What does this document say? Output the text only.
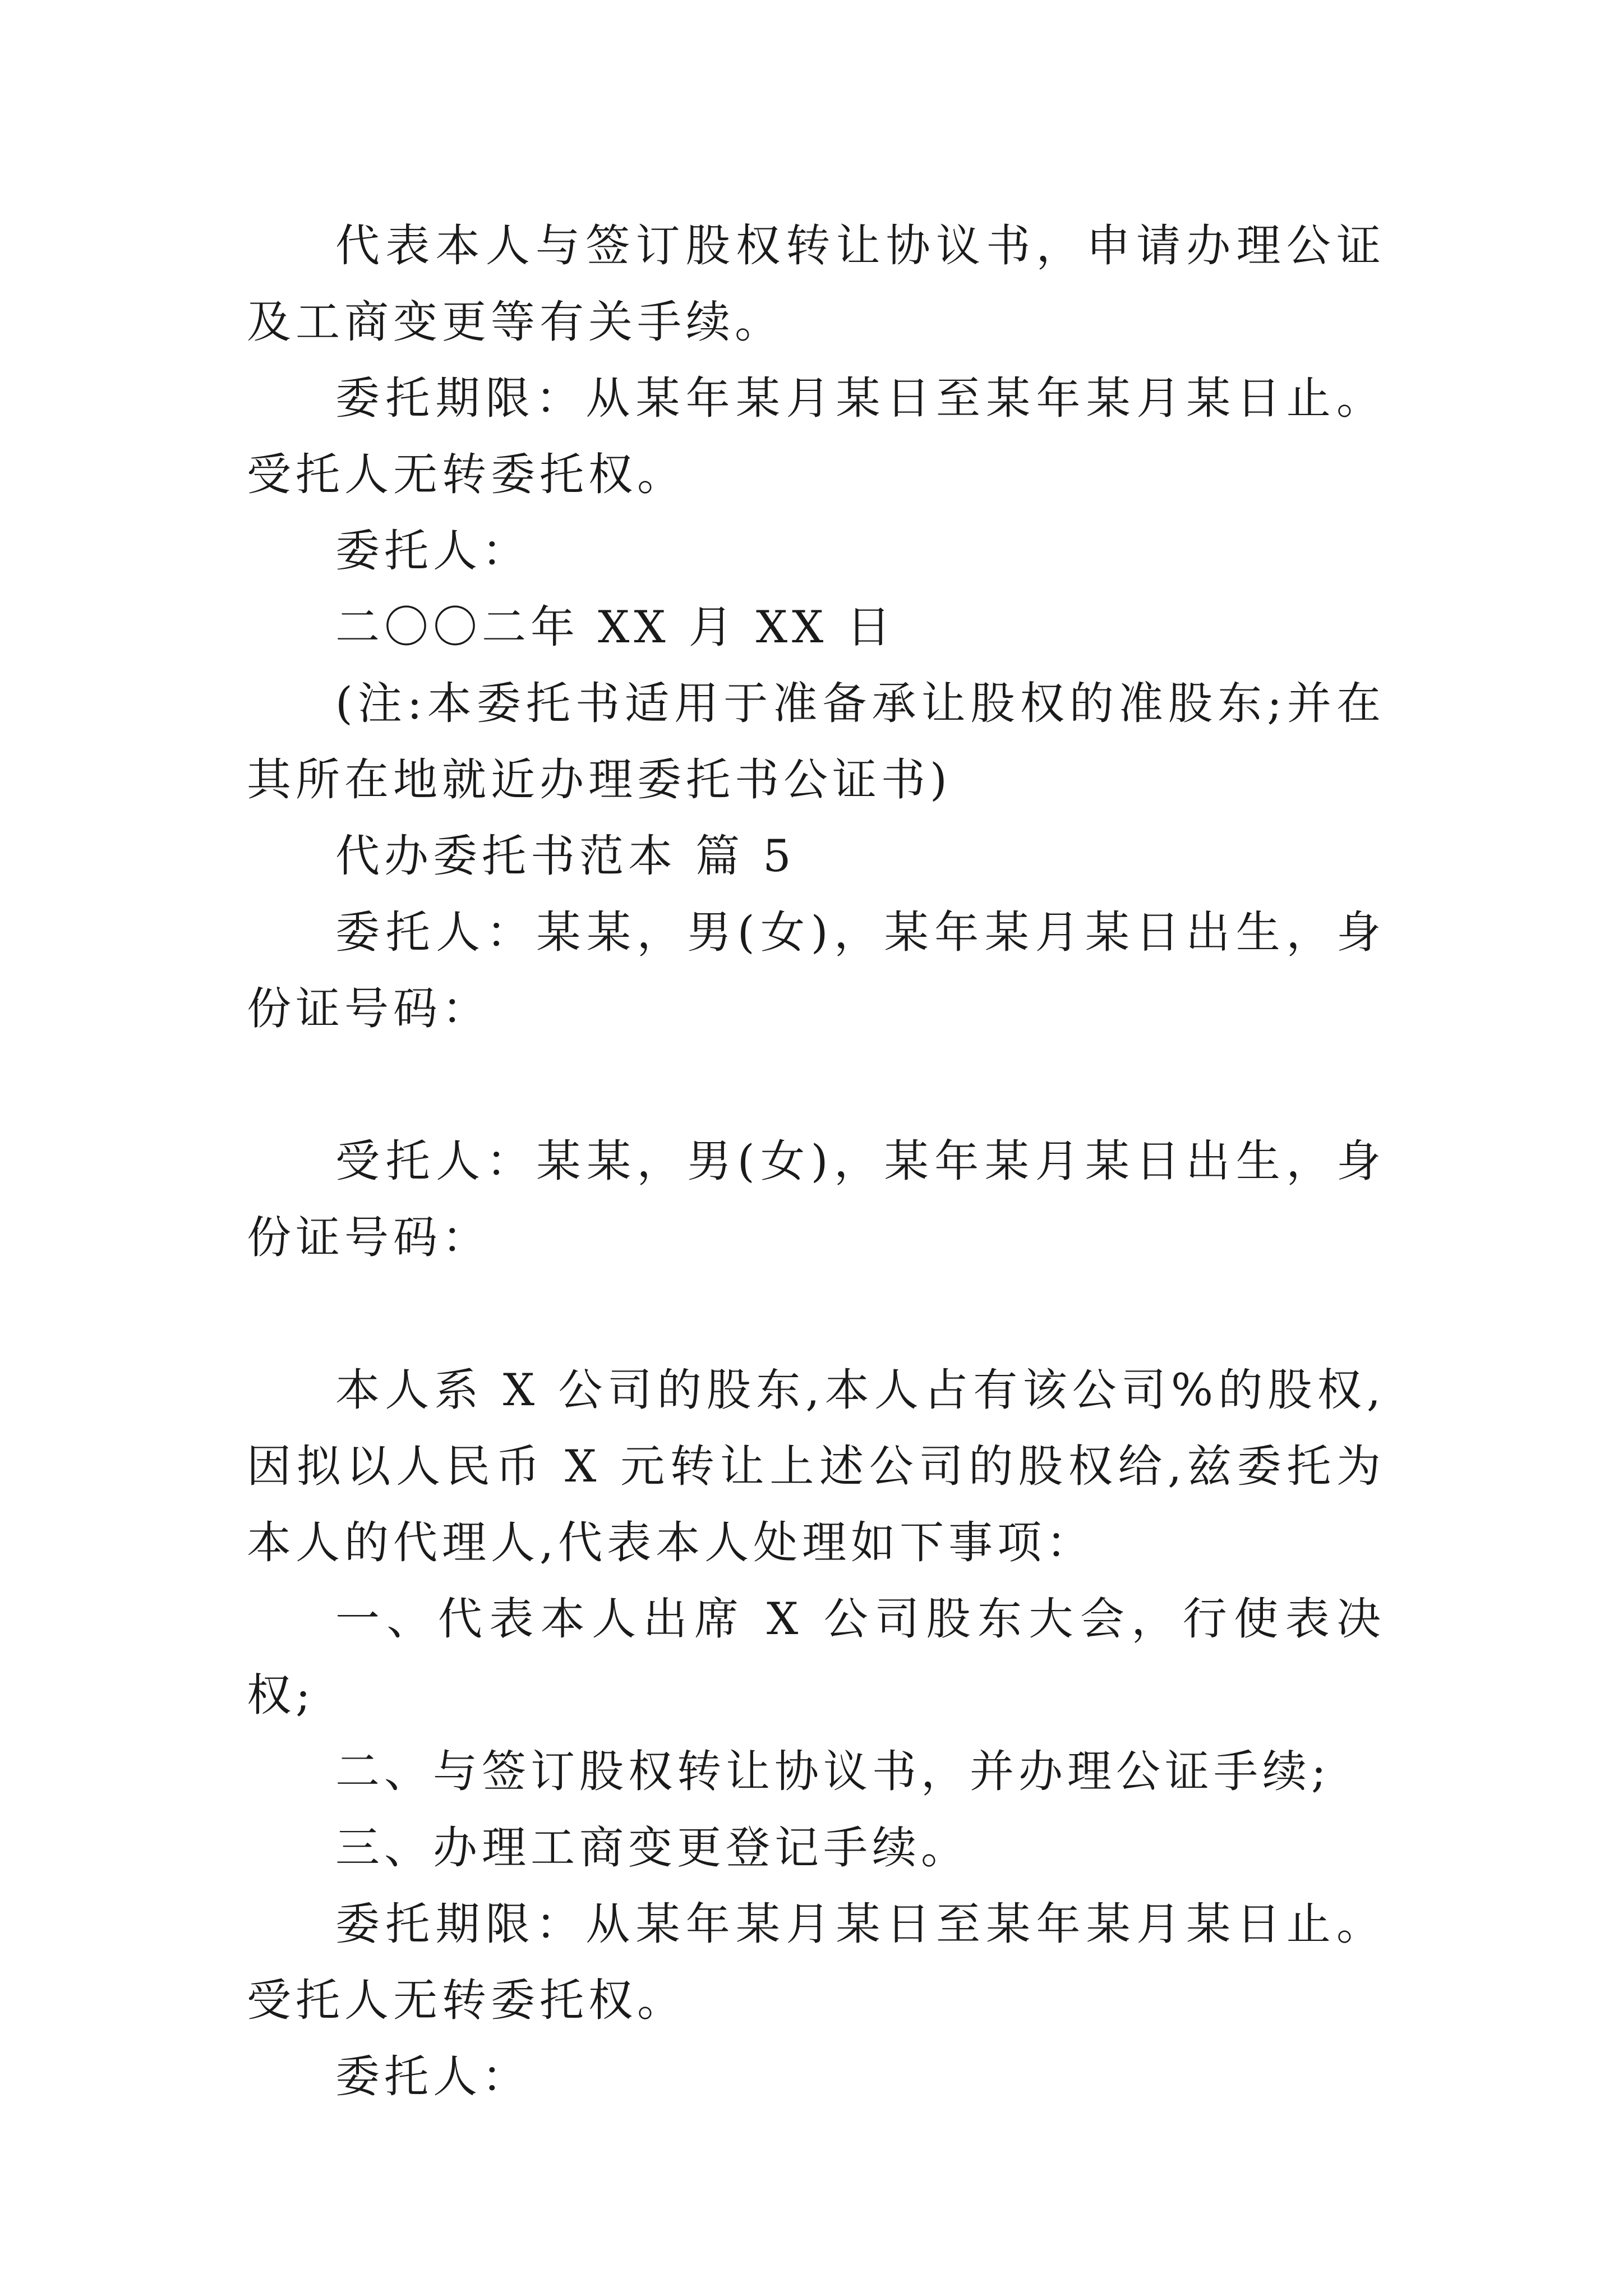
代表本人与签订股权转让协议书，申请办理公证及工商变更等有关手续。

委托期限：从某年某月某日至某年某月某日止。 受托人无转委托权。

委托人：

二〇〇二年 XX 月 XX 日

(注:本委托书适用于准备承让股权的准股东;并在其所在地就近办理委托书公证书)

代办委托书范本 篇 5

委托人：某某，男(女)，某年某月某日出生，身份证号码：

受托人：某某，男(女)，某年某月某日出生，身份证号码：

本人系 X 公司的股东,本人占有该公司%的股权,因拟以人民币 X 元转让上述公司的股权给,兹委托为本人的代理人,代表本人处理如下事项：

一、代表本人出席 X 公司股东大会，行使表决权;

二、与签订股权转让协议书，并办理公证手续;

三、办理工商变更登记手续。

委托期限：从某年某月某日至某年某月某日止。 受托人无转委托权。

委托人：
